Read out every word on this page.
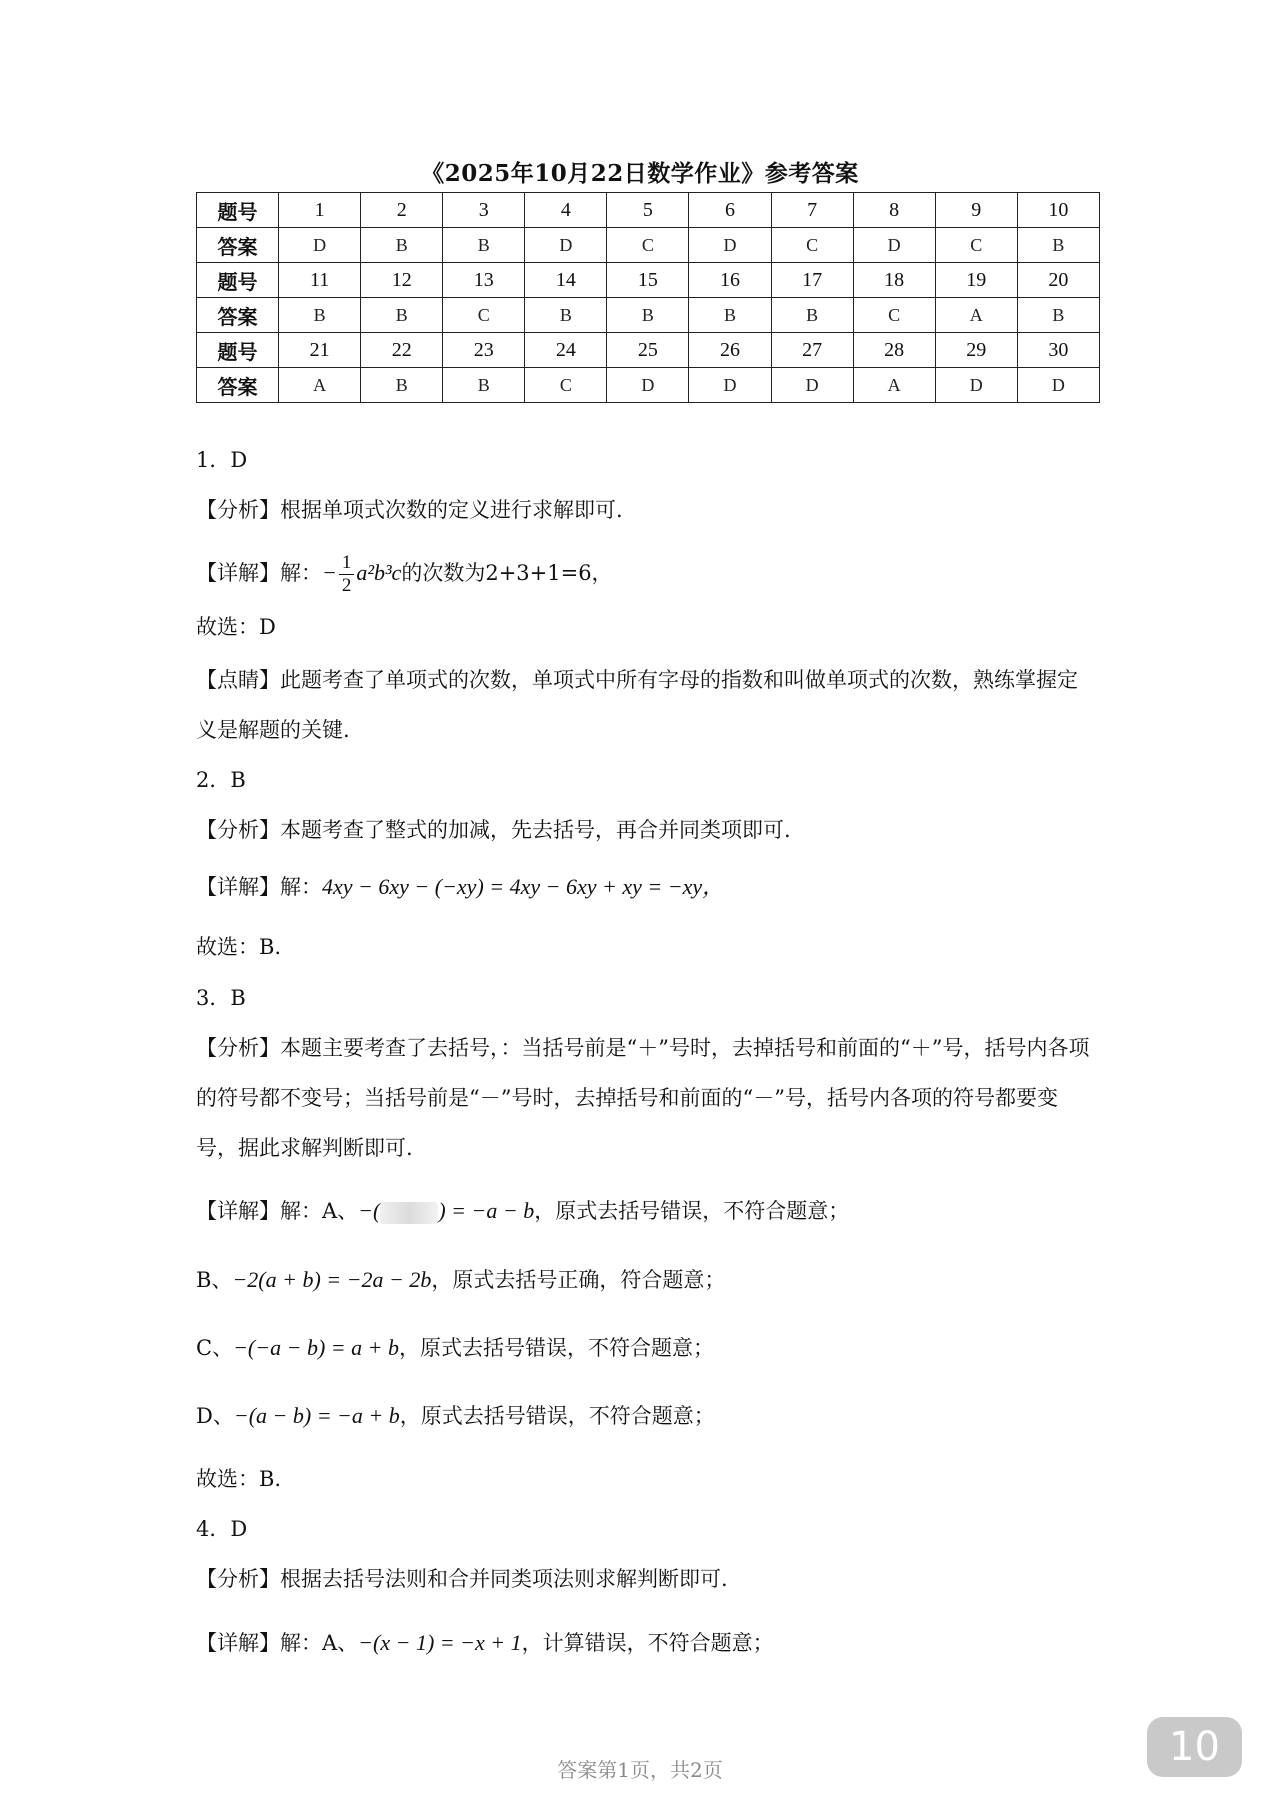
《2025年10月22日数学作业》参考答案
题号	1	2	3	4	5	6	7	8	9	10
答案	D	B	B	D	C	D	C	D	C	B
题号	11	12	13	14	15	16	17	18	19	20
答案	B	B	C	B	B	B	B	C	A	B
题号	21	22	23	24	25	26	27	28	29	30
答案	A	B	B	C	D	D	D	A	D	D
1．D
【分析】根据单项式次数的定义进行求解即可.
【详解】解：− $\frac{1}{2} a^2b^3c$的次数为2+3+1=6，
故选：D
【点睛】此题考查了单项式的次数，单项式中所有字母的指数和叫做单项式的次数，熟练掌握定义是解题的关键.
2．B
【分析】本题考查了整式的加减，先去括号，再合并同类项即可.
【详解】解：4xy − 6xy − (−xy) = 4xy − 6xy + xy = −xy，
故选：B.
3．B
【分析】本题主要考查了去括号，：当括号前是“＋”号时，去掉括号和前面的“＋”号，括号内各项的符号都不变号；当括号前是“－”号时，去掉括号和前面的“－”号，括号内各项的符号都要变号，据此求解判断即可.
【详解】解：A、−(	) = −a − b，原式去括号错误，不符合题意；
B、−2(a + b) = −2a − 2b，原式去括号正确，符合题意；
C、−(−a − b) = a + b，原式去括号错误，不符合题意；
D、−(a − b) = −a + b，原式去括号错误，不符合题意；
故选：B.
4．D
【分析】根据去括号法则和合并同类项法则求解判断即可.
【详解】解：A、−(x − 1) = −x + 1，计算错误，不符合题意；
答案第1页，共2页	10
